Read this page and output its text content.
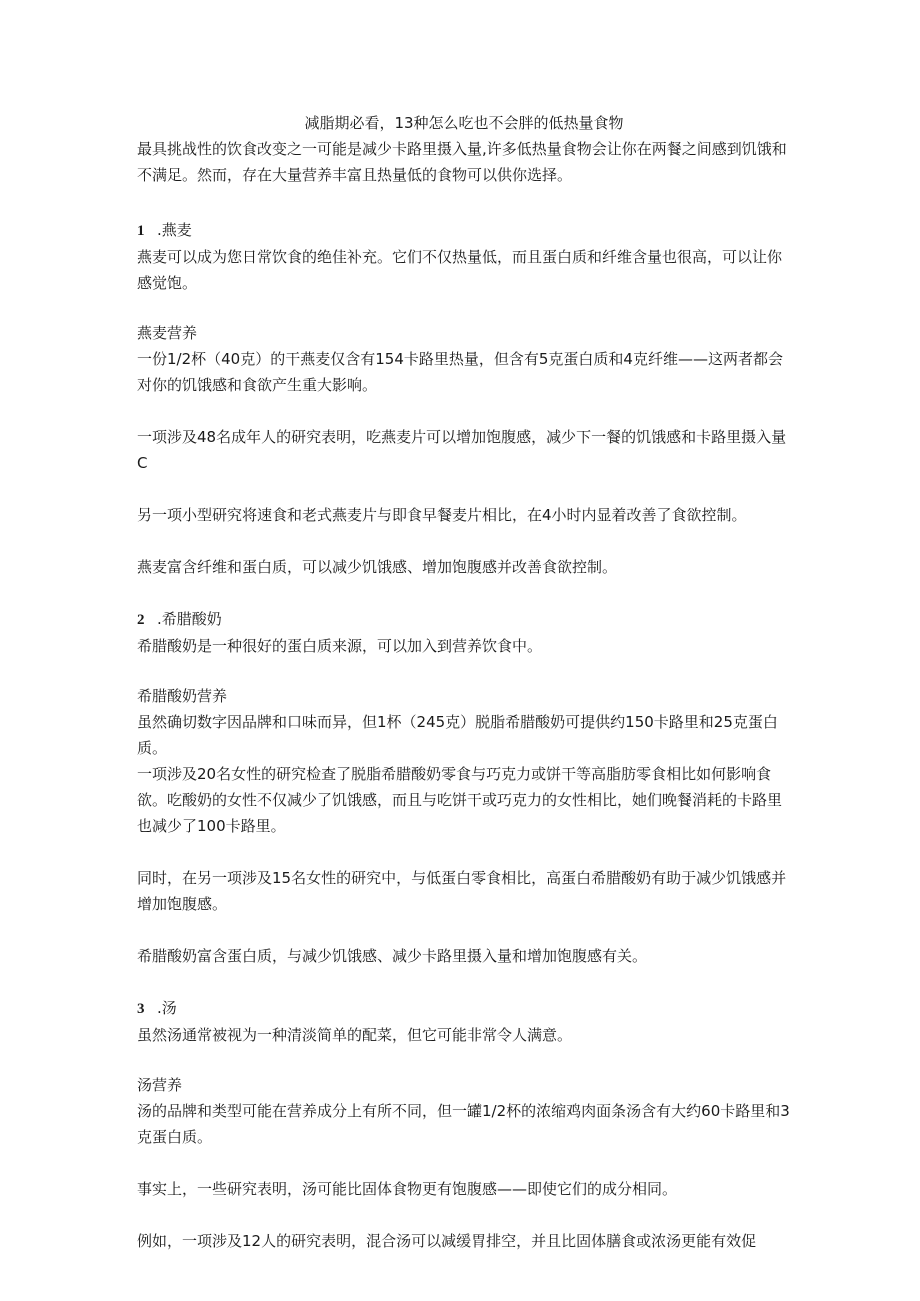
减脂期必看，13种怎么吃也不会胖的低热量食物

最具挑战性的饮食改变之一可能是减少卡路里摄入量,许多低热量食物会让你在两餐之间感到饥饿和不满足。然而，存在大量营养丰富且热量低的食物可以供你选择。

1 .燕麦

燕麦可以成为您日常饮食的绝佳补充。它们不仅热量低，而且蛋白质和纤维含量也很高，可以让你感觉饱。

燕麦营养

一份1/2杯（40克）的干燕麦仅含有154卡路里热量，但含有5克蛋白质和4克纤维——这两者都会对你的饥饿感和食欲产生重大影响。

一项涉及48名成年人的研究表明，吃燕麦片可以增加饱腹感，减少下一餐的饥饿感和卡路里摄入量C

另一项小型研究将速食和老式燕麦片与即食早餐麦片相比，在4小时内显着改善了食欲控制。

燕麦富含纤维和蛋白质，可以减少饥饿感、增加饱腹感并改善食欲控制。

2 .希腊酸奶

希腊酸奶是一种很好的蛋白质来源，可以加入到营养饮食中。

希腊酸奶营养

虽然确切数字因品牌和口味而异，但1杯（245克）脱脂希腊酸奶可提供约150卡路里和25克蛋白质。

一项涉及20名女性的研究检查了脱脂希腊酸奶零食与巧克力或饼干等高脂肪零食相比如何影响食欲。吃酸奶的女性不仅减少了饥饿感，而且与吃饼干或巧克力的女性相比，她们晚餐消耗的卡路里也减少了100卡路里。

同时，在另一项涉及15名女性的研究中，与低蛋白零食相比，高蛋白希腊酸奶有助于减少饥饿感并增加饱腹感。

希腊酸奶富含蛋白质，与减少饥饿感、减少卡路里摄入量和增加饱腹感有关。

3 .汤

虽然汤通常被视为一种清淡简单的配菜，但它可能非常令人满意。

汤营养

汤的品牌和类型可能在营养成分上有所不同，但一罐1/2杯的浓缩鸡肉面条汤含有大约60卡路里和3克蛋白质。

事实上，一些研究表明，汤可能比固体食物更有饱腹感——即使它们的成分相同。

例如，一项涉及12人的研究表明，混合汤可以减缓胃排空，并且比固体膳食或浓汤更能有效促
